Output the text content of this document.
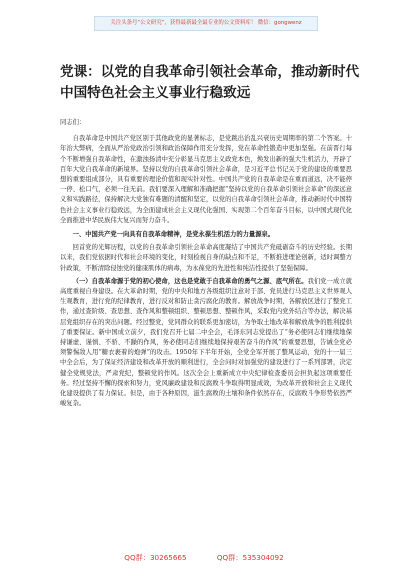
关注头条号“公文研究”，获得最新最全最专业的公文资料库！ 微信：gongwenz
党课：以党的自我革命引领社会革命，推动新时代中国特色社会主义事业行稳致远

同志们：

自我革命是中国共产党区别于其他政党的显著标志，是党跳出治乱兴衰历史周期率的第二个答案。十年治大弊病，全面从严治党政治引领和政治保障作用充分发挥，党在革命性锻造中更加坚强。在前晋行每个不断增强自我革命性，在激浊扬清中充分彰显马克思主义政党本色，焕发出新的强大生机活力，开辟了百年大党自我革命的新境界。坚持以党的自我革命引领社会革命，是习近平总书记关于党的建设的重要思想的重要组成部分，具有重要的理论价值和现实针对性。中国共产党的自我革命是在重而道远，决不能停一停、松口气，必须一往无前。我们要深入理解和准确把握“坚持以党的自我革命引领社会革命”的深远意义和实践路径，保持解决大党独有难题的清醒和坚定，以党的自我革命引领社会革命，推动新时代中国特色社会主义事业行稳致远，为全面建成社会主义现代化强国、实现第二个百年奋斗目标，以中国式现代化全面推进中华民族伟大复兴而努力奋斗。

一、中国共产党一向具有自我革命精神，是党永葆生机活力的力量源泉。

回首党的光辉历程，以党的自我革命引领社会革命高度凝结了中国共产党砥砺奋斗的历史经验。长期以来，我们党依据时代和社会环境的变化，时刻检视自身的缺点和不足，不断推进理论创新，适时调整方针政策，不断清除侵蚀党的健康肌体的病毒，为永葆党的先进性和纯洁性提供了坚强保障。

（一）自我革命源于党的初心使命，这也是党敢于自我革命的勇气之源、底气所在。我们党一成立就高度重视自身建设。在大革命时期，党的中央和地方各级组织注意对于部、党员进行马克思主义世界观人生观教育，进行党的纪律教育，进行反对和防止贪污腐化的教育。解放战争时期，各解放区进行了整党工作，通过查阶级、查思想、查作风和整顿组织、整顿思想、整顿作风，采取党内党外结合等办法，解决基层党组织存在的突出问题。经过整党，党同群众的联系更加密切，为争取土地改革和解放战争的胜利提供了重要保证。新中国成立前夕，我们党召开七届二中全会，毛泽东同志党提出了“务必使同志们继续地保持谦虚、谨慎、不骄、不躁的作风，务必使同志们继续地保持艰苦奋斗的作风”的重要思想，告诫全党必须警惕敌人用“糖衣裹着的炮弹”的攻击。1950年下半年开始，全党全军开展了整风运动，党的十一届三中全会后，为了保证经济建设和改革开放的顺利进行，全会问时对加强党的建设进行了一系列部署，决定健全党规党法，严肃党纪，整顿党的作风。这次全会上重新成立中央纪律检查委员会担负起这项重要任务。经过坚持不懈的探索和努力，党风廉政建设和反腐败斗争取得明显成效，为改革开放和社会主义现代化建设提供了有力保证。但是，由于各种原因，滋生腐败的土壤和条件依然存在，反腐败斗争形势依然严峻复杂。

QQ群：30265665	QQ群：535304092
